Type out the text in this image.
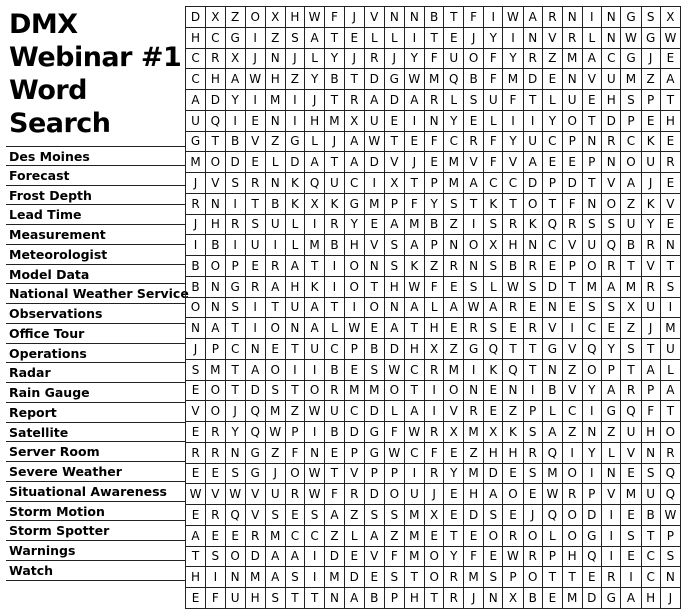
DMX
Webinar #1
Word
Search
Des Moines
Forecast
Frost Depth
Lead Time
Measurement
Meteorologist
Model Data
National Weather Service
Observations
Office Tour
Operations
Radar
Rain Gauge
Report
Satellite
Server Room
Severe Weather
Situational Awareness
Storm Motion
Storm Spotter
Warnings
Watch
D	X	Z	O	X	H	W	F	J	V	N	N	B	T	F	I	W	A	R	N	I	N	G	S	X
H	C	G	I	Z	S	A	T	E	L	L	I	T	E	J	Y	I	N	V	R	L	N	W	G	W
C	R	X	J	N	J	L	Y	J	R	J	Y	F	U	O	F	Y	R	Z	M	A	C	G	J	E
C	H	A	W	H	Z	Y	B	T	D	G	W	M	Q	B	F	M	D	E	N	V	U	M	Z	A
A	D	Y	I	M	I	J	T	R	A	D	A	R	L	S	U	F	T	L	U	E	H	S	P	T
U	Q	I	E	N	I	H	M	X	U	E	I	N	Y	E	L	I	I	Y	O	T	D	P	E	H
G	T	B	V	Z	G	L	J	A	W	T	E	F	C	R	F	Y	U	C	P	N	R	C	K	E
M	O	D	E	L	D	A	T	A	D	V	J	E	M	V	F	V	A	E	E	P	N	O	U	R
J	V	S	R	N	K	Q	U	C	I	X	T	P	M	A	C	C	D	P	D	T	V	A	J	E
R	N	I	T	B	K	X	K	G	M	P	F	Y	S	T	K	T	O	T	F	N	O	Z	K	V
J	H	R	S	U	L	I	R	Y	E	A	M	B	Z	I	S	R	K	Q	R	S	S	U	Y	E
I	B	I	U	I	L	M	B	H	V	S	A	P	N	O	X	H	N	C	V	U	Q	B	R	N
B	O	P	E	R	A	T	I	O	N	S	K	Z	R	N	S	B	R	E	P	O	R	T	V	T
B	N	G	R	A	H	K	I	O	T	H	W	F	E	S	L	W	S	D	T	M	A	M	R	S
O	N	S	I	T	U	A	T	I	O	N	A	L	A	W	A	R	E	N	E	S	S	X	U	I
N	A	T	I	O	N	A	L	W	E	A	T	H	E	R	S	E	R	V	I	C	E	Z	J	M
J	P	C	N	E	T	U	C	P	B	D	H	X	Z	G	Q	T	T	G	V	Q	Y	S	T	U
S	M	T	A	O	I	I	B	E	S	W	C	R	M	I	K	Q	T	N	Z	O	P	T	A	L
E	O	T	D	S	T	O	R	M	M	O	T	I	O	N	E	N	I	B	V	Y	A	R	P	A
V	O	J	Q	M	Z	W	U	C	D	L	A	I	V	R	E	Z	P	L	C	I	G	Q	F	T
E	R	Y	Q	W	P	I	B	D	G	F	W	R	X	M	X	K	S	A	Z	N	Z	U	H	O
R	R	N	G	Z	F	N	E	P	G	W	C	F	E	Z	H	H	R	Q	I	Y	L	V	N	R
E	E	S	G	J	O	W	T	V	P	P	I	R	Y	M	D	E	S	M	O	I	N	E	S	Q
W	V	W	V	U	R	W	F	R	D	O	U	J	E	H	A	O	E	W	R	P	V	M	U	Q
E	R	Q	V	S	E	S	A	Z	S	S	M	X	E	D	S	E	J	Q	O	D	I	E	B	W
A	E	E	R	M	C	C	Z	L	A	Z	M	E	T	E	O	R	O	L	O	G	I	S	T	P
T	S	O	D	A	A	I	D	E	V	F	M	O	Y	F	E	W	R	P	H	Q	I	E	C	S
H	I	N	M	A	S	I	M	D	E	S	T	O	R	M	S	P	O	T	T	E	R	I	C	N
E	F	U	H	S	T	T	N	A	B	P	H	T	R	J	N	X	B	E	M	D	G	A	H	J
